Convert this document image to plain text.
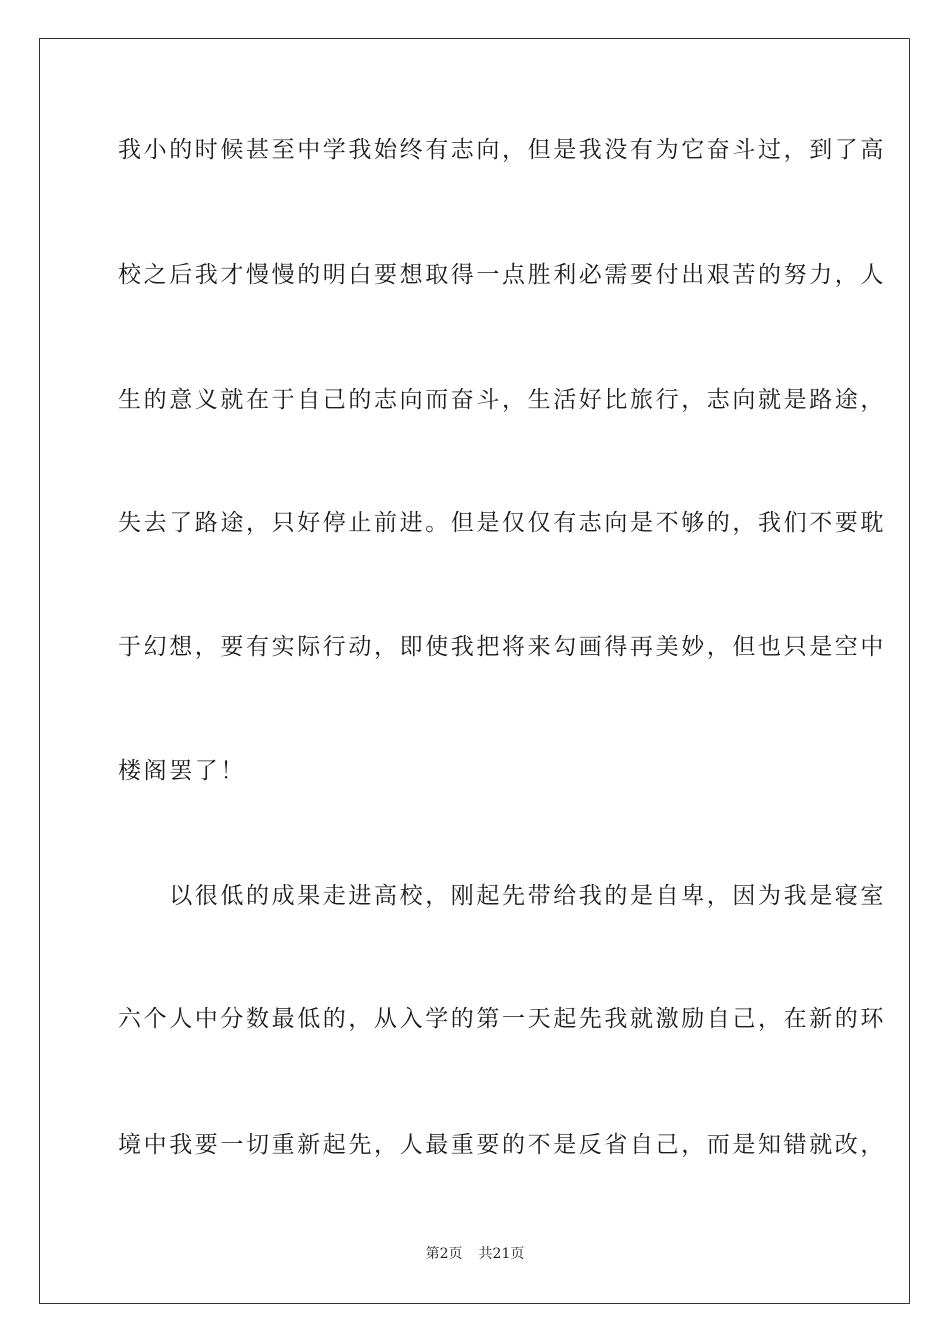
我小的时候甚至中学我始终有志向，但是我没有为它奋斗过，到了高
校之后我才慢慢的明白要想取得一点胜利必需要付出艰苦的努力，人
生的意义就在于自己的志向而奋斗，生活好比旅行，志向就是路途，
失去了路途，只好停止前进。但是仅仅有志向是不够的，我们不要耽
于幻想，要有实际行动，即使我把将来勾画得再美妙，但也只是空中
楼阁罢了！
　　以很低的成果走进高校，刚起先带给我的是自卑，因为我是寝室
六个人中分数最低的，从入学的第一天起先我就激励自己，在新的环
境中我要一切重新起先，人最重要的不是反省自己，而是知错就改，
第2页 共21页
